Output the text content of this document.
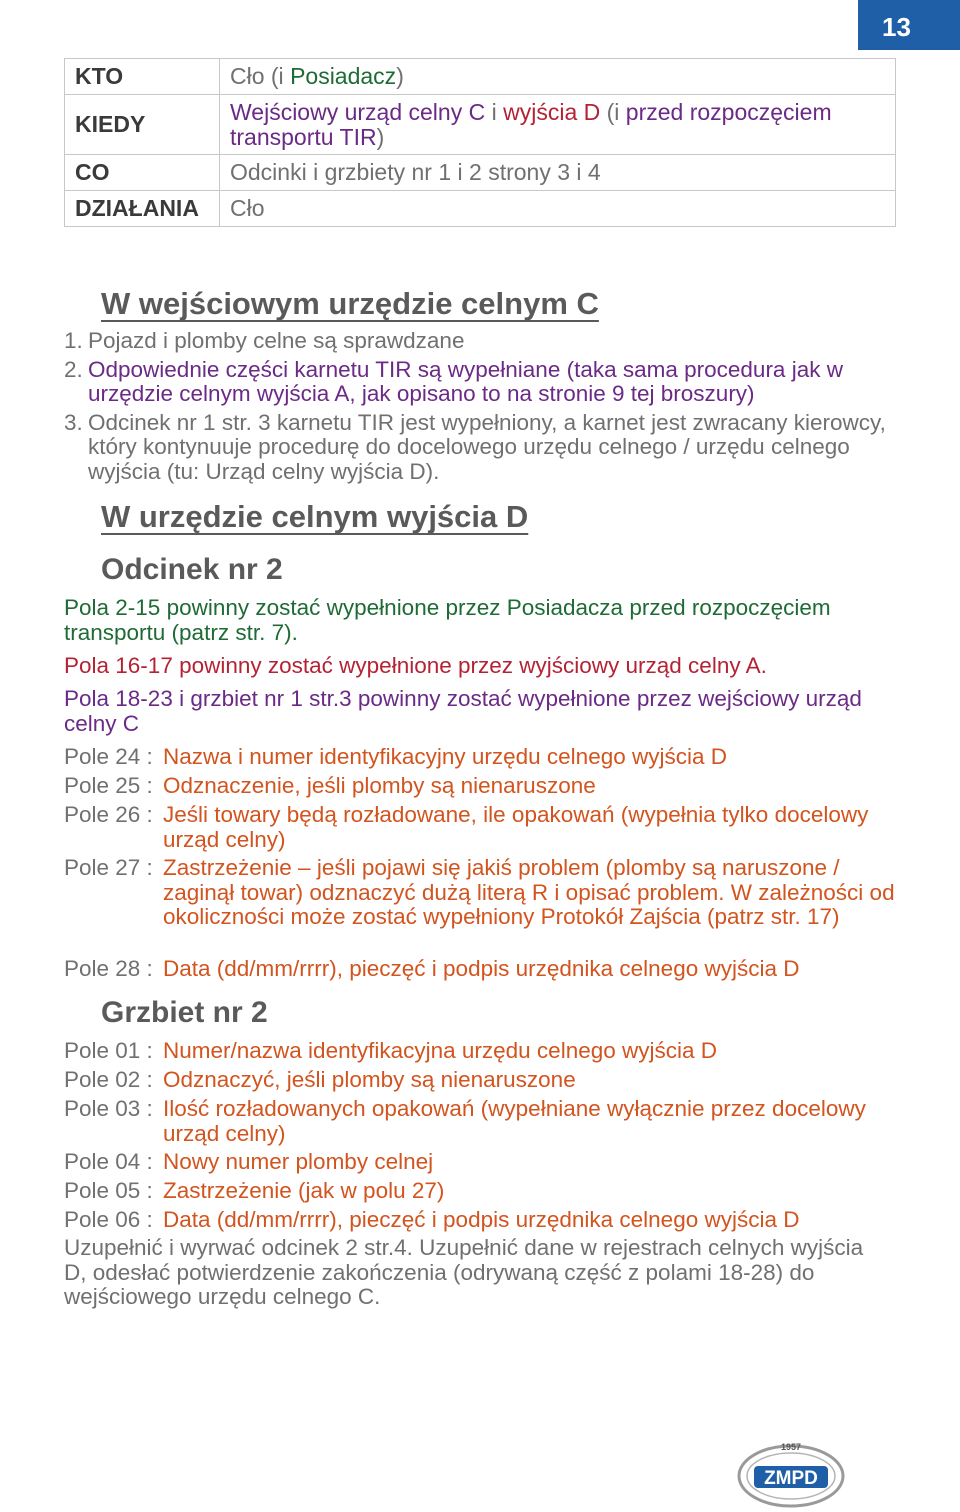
13
KTO	Cło (i Posiadacz)
KIEDY	Wejściowy urząd celny C i wyjścia D (i przed rozpoczęciem transportu TIR)
CO	Odcinki i grzbiety nr 1 i 2 strony 3 i 4
DZIAŁANIA	Cło
W wejściowym urzędzie celnym C
1. Pojazd i plomby celne są sprawdzane
2. Odpowiednie części karnetu TIR są wypełniane (taka sama procedura jak w urzędzie celnym wyjścia A, jak opisano to na stronie 9 tej broszury)
3. Odcinek nr 1 str. 3 karnetu TIR jest wypełniony, a karnet jest zwracany kierowcy, który kontynuuje procedurę do docelowego urzędu celnego / urzędu celnego wyjścia (tu: Urząd celny wyjścia D).
W urzędzie celnym wyjścia D
Odcinek nr 2
Pola 2-15 powinny zostać wypełnione przez Posiadacza przed rozpoczęciem transportu (patrz str. 7).
Pola 16-17 powinny zostać wypełnione przez wyjściowy urząd celny A.
Pola 18-23 i grzbiet nr 1 str.3 powinny zostać wypełnione przez wejściowy urząd celny C
Pole 24 : Nazwa i numer identyfikacyjny urzędu celnego wyjścia D
Pole 25 : Odznaczenie, jeśli plomby są nienaruszone
Pole 26 : Jeśli towary będą rozładowane, ile opakowań (wypełnia tylko docelowy urząd celny)
Pole 27 : Zastrzeżenie – jeśli pojawi się jakiś problem (plomby są naruszone / zaginął towar) odznaczyć dużą literą R i opisać problem. W zależności od okoliczności może zostać wypełniony Protokół Zajścia (patrz str. 17)
Pole 28 : Data (dd/mm/rrrr), pieczęć i podpis urzędnika celnego wyjścia D
Grzbiet nr 2
Pole 01 : Numer/nazwa identyfikacyjna urzędu celnego wyjścia D
Pole 02 : Odznaczyć, jeśli plomby są nienaruszone
Pole 03 : Ilość rozładowanych opakowań (wypełniane wyłącznie przez docelowy urząd celny)
Pole 04 : Nowy numer plomby celnej
Pole 05 : Zastrzeżenie (jak w polu 27)
Pole 06 : Data (dd/mm/rrrr), pieczęć i podpis urzędnika celnego wyjścia D
Uzupełnić i wyrwać odcinek 2 str.4. Uzupełnić dane w rejestrach celnych wyjścia D, odesłać potwierdzenie zakończenia (odrywaną część z polami 18-28) do wejściowego urzędu celnego C.
1957
ZMPD
